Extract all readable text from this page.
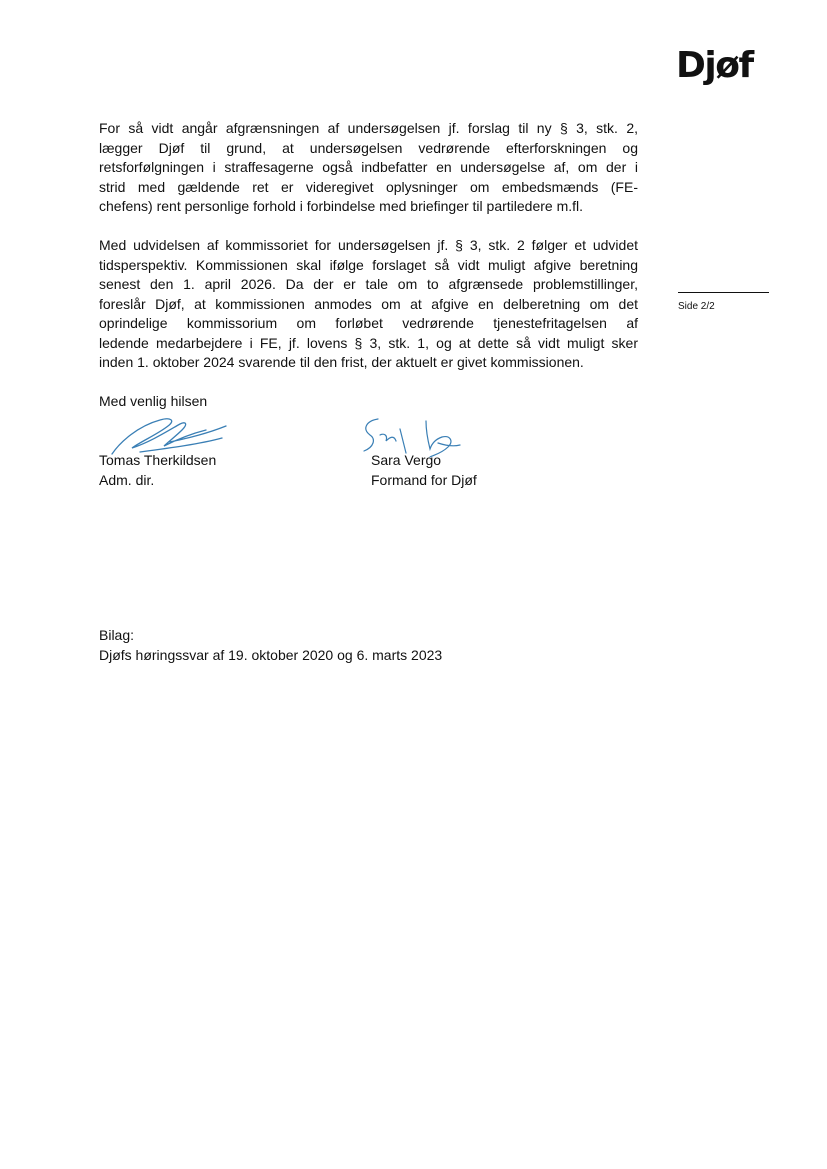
Djøf
Side 2/2

For så vidt angår afgrænsningen af undersøgelsen jf. forslag til ny § 3, stk. 2,
lægger Djøf til grund, at undersøgelsen vedrørende efterforskningen og
retsforfølgningen i straffesagerne også indbefatter en undersøgelse af, om der i
strid med gældende ret er videregivet oplysninger om embedsmænds (FE-
chefens) rent personlige forhold i forbindelse med briefinger til partiledere m.fl.

Med udvidelsen af kommissoriet for undersøgelsen jf. § 3, stk. 2 følger et udvidet
tidsperspektiv. Kommissionen skal ifølge forslaget så vidt muligt afgive beretning
senest den 1. april 2026. Da der er tale om to afgrænsede problemstillinger,
foreslår Djøf, at kommissionen anmodes om at afgive en delberetning om det
oprindelige kommissorium om forløbet vedrørende tjenestefritagelsen af
ledende medarbejdere i FE, jf. lovens § 3, stk. 1, og at dette så vidt muligt sker
inden 1. oktober 2024 svarende til den frist, der aktuelt er givet kommissionen.

Med venlig hilsen

Tomas Therkildsen
Adm. dir.
Sara Vergo
Formand for Djøf
Bilag:
Djøfs høringssvar af 19. oktober 2020 og 6. marts 2023
